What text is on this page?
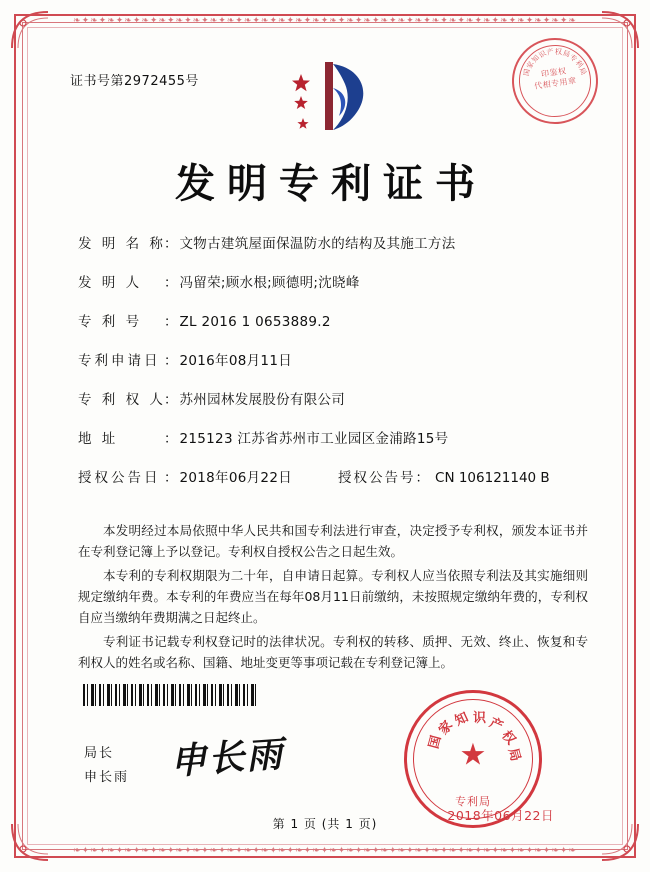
❧✦❧✦❧✦❧✦❧✦❧✦❧✦❧✦❧✦❧✦❧✦❧✦❧✦❧✦❧✦❧✦❧✦❧✦❧✦❧✦❧✦❧✦❧✦❧✦❧✦❧✦❧✦❧✦❧✦❧
❧✦❧✦❧✦❧✦❧✦❧✦❧✦❧✦❧✦❧✦❧✦❧✦❧✦❧✦❧✦❧✦❧✦❧✦❧✦❧✦❧✦❧✦❧✦❧✦❧✦❧✦❧✦❧✦❧✦❧
证书号第2972455号
国
家
知
识
产 权 局
专
利
局
印鉴权
代相专用章
发明专利证书
发 明 名 称
： 文物古建筑屋面保温防水的结构及其施工方法
发 明 人	： 冯留荣;顾水根;顾德明;沈晓峰
专 利 号	： ZL 2016 1 0653889.2
专利申请日 ： 2016年08月11日
专 利 权 人
： 苏州园林发展股份有限公司
地 址	： 215123 江苏省苏州市工业园区金浦路15号
授权公告日 ： 2018年06月22日	授权公告号 ： CN 106121140 B

本发明经过本局依照中华人民共和国专利法进行审查，决定授予专利权，颁发本证书并在专利登记簿上予以登记。专利权自授权公告之日起生效。

本专利的专利权期限为二十年，自申请日起算。专利权人应当依照专利法及其实施细则规定缴纳年费。本专利的年费应当在每年08月11日前缴纳，未按照规定缴纳年费的，专利权自应当缴纳年费期满之日起终止。

专利证书记载专利权登记时的法律状况。专利权的转移、质押、无效、终止、恢复和专利权人的姓名或名称、国籍、地址变更等事项记载在专利登记簿上。

局长
申长雨 申长雨	国
家
知 识 产
权
局
★
专利局
2018年06月22日
第 1 页 (共 1 页)
